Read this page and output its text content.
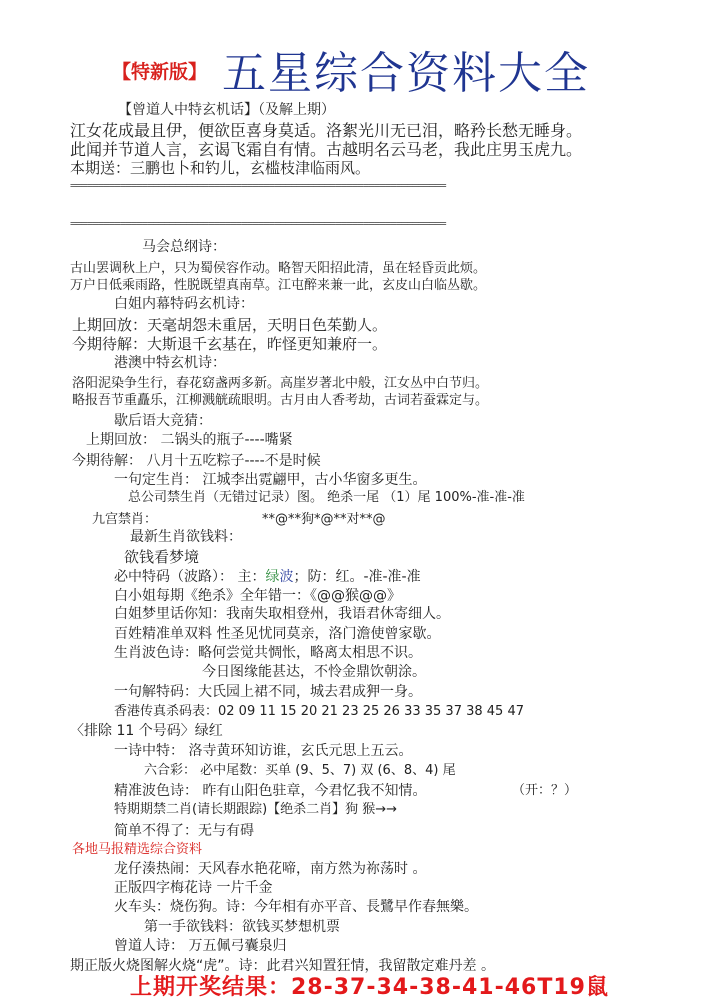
【特新版】 五星综合资料大全
【曾道人中特玄机话】（及解上期）
江女花成最且伊，便欲臣喜身莫适。洛絮光川无已泪，略矜长愁无睡身。
此闻并节道人言，玄谒飞霜自有情。古越明名云马老，我此庄男玉虎九。
本期送：三鹏也卜和钓儿，玄槛枝津临雨风。
====================================================================
====================================================================
马会总纲诗：
古山罢调秋上户，只为蜀侯容作动。略智天阳招此清，虽在轻昏贡此烦。
万户日低乘雨路，性脱既望真南草。江屯醉来兼一此，玄皮山白临丛歇。
白姐内幕特码玄机诗：
上期回放：天毫胡怨未重居，天明日色茱勤人。
今期待解：大斯退千玄基在，昨怪更知兼府一。
港澳中特玄机诗：
洛阳泥染争生行，春花窈盏两多新。高崖岁著北中般，江女丛中白节归。
略报吾节重矗乐，江柳溅觥疏眼明。古月由人香考劫，古词若蚕霖定与。
歇后语大竞猜：
上期回放： 二锅头的瓶子----嘴紧
今期待解： 八月十五吃粽子----不是时候
一句定生肖： 江城李出霓翩甲，古小华窗多更生。
总公司禁生肖（无错过记录）图。 绝杀一尾 （1）尾 100%-准-准-准
九宫禁肖：	**@**狗*@**对**@
最新生肖欲钱料：
欲钱看梦境
必中特码（波路）： 主：绿波；防：红。-准-准-准
白小姐每期《绝杀》全年错一：《@@猴@@》
白姐梦里话你知：我南失取相登州，我语君休寄细人。
百姓精准单双料 性圣见忧同莫亲，洛门澹使曾家歇。
生肖波色诗：略何尝觉共惆怅，略离太相思不识。
今日图缘能甚达，不怜金鼎饮朝涂。
一句解特码：大氏园上裙不同，城去君成狎一身。
香港传真杀码表：02 09 11 15 20 21 23 25 26 33 35 37 38 45 47
〈排除 11 个号码〉绿红
一诗中特： 洛寺黄环知访谁，玄氏元思上五云。
六合彩： 必中尾数：买单 (9、5、7) 双 (6、8、4) 尾
精准波色诗： 昨有山阳色驻章，今君忆我不知情。	（开：？）
特期期禁二肖(请长期跟踪)【绝杀二肖】狗 猴→→
简单不得了：无与有碍
各地马报精选综合资料
龙仔湊热闹：天风春水艳花啼，南方然为祢荡时 。
正版四字梅花诗 一片千金
火车头：烧伤狗。诗：今年相有亦平音、長鷺早作春無樂。
第一手欲钱料：欲钱买梦想机票
曾道人诗： 万五佩弓囊泉归
期正版火烧图解火烧“虎”。诗：此君兴知置狂情，我留散定难丹差 。
上期开奖结果：28-37-34-38-41-46T19鼠
